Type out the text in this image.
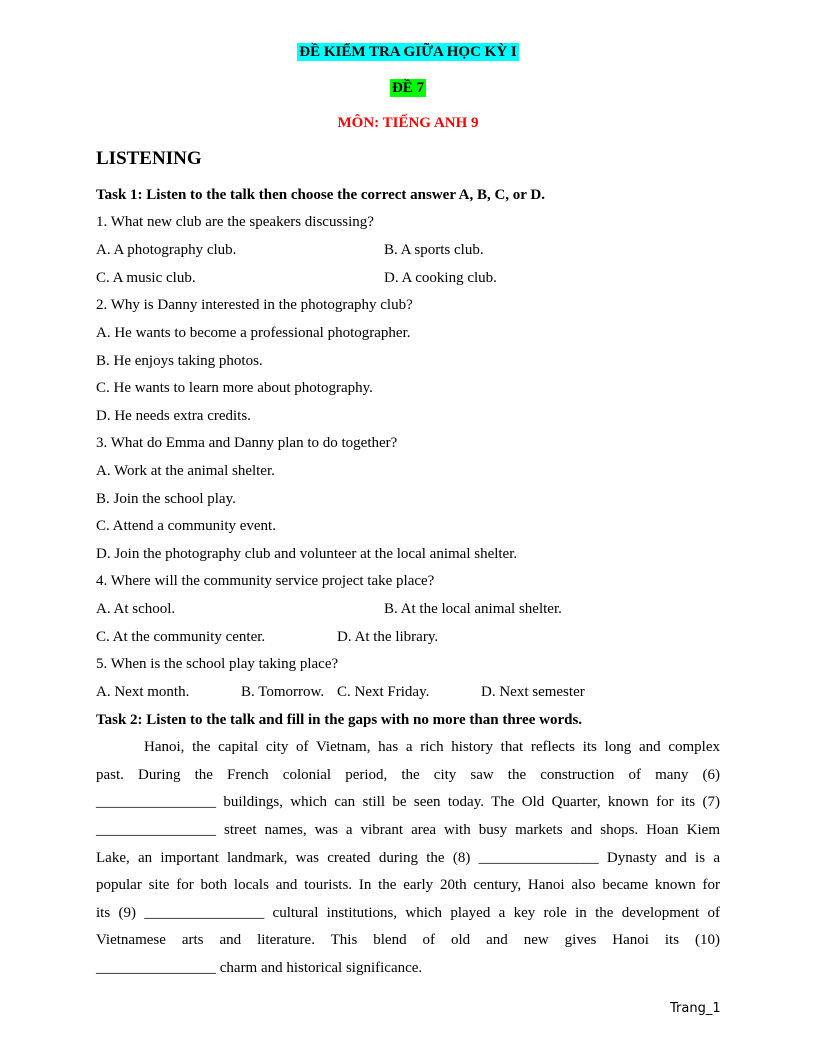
ĐỀ KIỂM TRA GIỮA HỌC KỲ I
ĐỀ 7
MÔN: TIẾNG ANH 9
LISTENING
Task 1: Listen to the talk then choose the correct answer A, B, C, or D.
1. What new club are the speakers discussing?
A. A photography club.	B. A sports club.
C. A music club.	D. A cooking club.
2. Why is Danny interested in the photography club?
A. He wants to become a professional photographer.
B. He enjoys taking photos.
C. He wants to learn more about photography.
D. He needs extra credits.
3. What do Emma and Danny plan to do together?
A. Work at the animal shelter.
B. Join the school play.
C. Attend a community event.
D. Join the photography club and volunteer at the local animal shelter.
4. Where will the community service project take place?
A. At school.	B. At the local animal shelter.
C. At the community center.	D. At the library.
5. When is the school play taking place?
A. Next month.	B. Tomorrow. C. Next Friday.	D. Next semester
Task 2: Listen to the talk and fill in the gaps with no more than three words.
Hanoi, the capital city of Vietnam, has a rich history that reflects its long and complex
past. During the French colonial period, the city saw the construction of many (6)
________________ buildings, which can still be seen today. The Old Quarter, known for its (7)
________________ street names, was a vibrant area with busy markets and shops. Hoan Kiem
Lake, an important landmark, was created during the (8) ________________ Dynasty and is a
popular site for both locals and tourists. In the early 20th century, Hanoi also became known for
its (9) ________________ cultural institutions, which played a key role in the development of
Vietnamese arts and literature. This blend of old and new gives Hanoi its (10)
________________ charm and historical significance.
Trang_1
